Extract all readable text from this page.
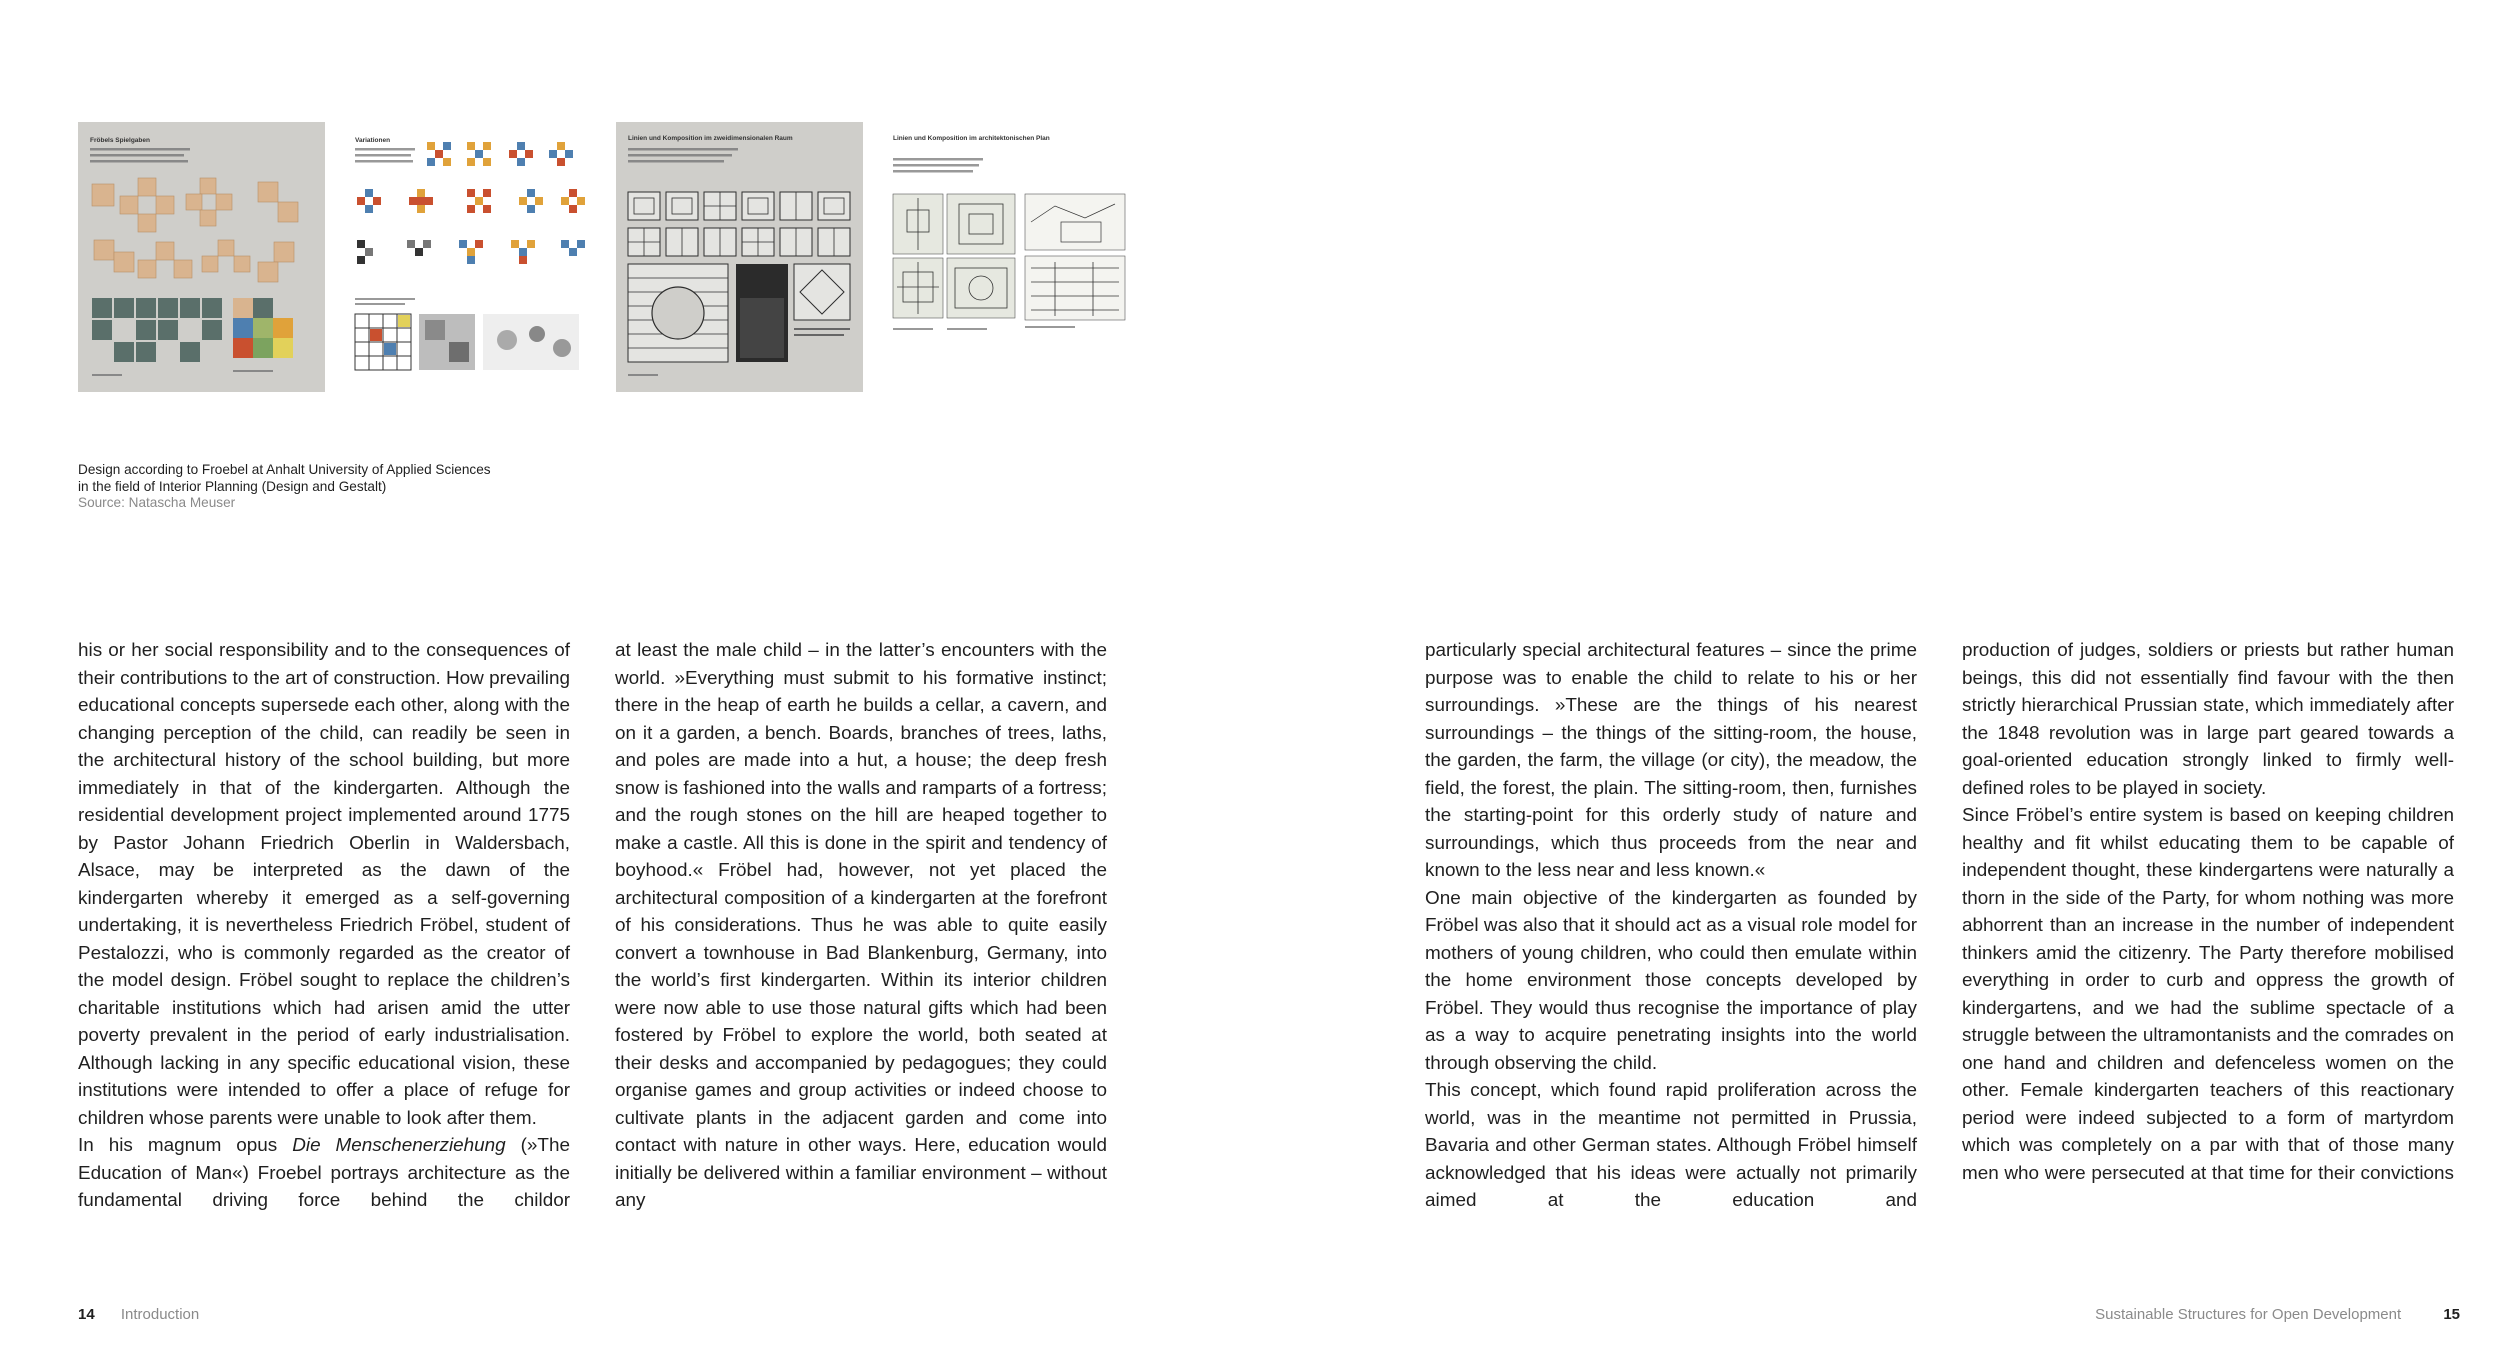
Fröbels Spielgaben	Variationen	Linien und Komposition im zweidimensionalen Raum	Linien und Komposition im architektonischen Plan
Design according to Froebel at Anhalt University of Applied Sciences
in the field of Interior Planning (Design and Gestalt)
Source: Natascha Meuser

his or her social responsibility and to the consequences of their contributions to the art of construction. How prevailing educational concepts supersede each other, along with the changing perception of the child, can readily be seen in the architectural history of the school building, but more immediately in that of the kindergarten. Although the residential development project implemented around 1775 by Pastor Johann Friedrich Oberlin in Waldersbach, Alsace, may be interpreted as the dawn of the kindergarten whereby it emerged as a self-governing undertaking, it is nevertheless Friedrich Fröbel, student of Pestalozzi, who is commonly regarded as the creator of the model design. Fröbel sought to replace the children’s charitable institutions which had arisen amid the utter poverty prevalent in the period of early industrialisation. Although lacking in any specific educational vision, these institutions were intended to offer a place of refuge for children whose parents were unable to look after them.

In his magnum opus Die Menschenerziehung (»The Education of Man«) Froebel portrays architecture as the fundamental driving force behind the childor

at least the male child – in the latter’s encounters with the world. »Everything must submit to his formative instinct; there in the heap of earth he builds a cellar, a cavern, and on it a garden, a bench. Boards, branches of trees, laths, and poles are made into a hut, a house; the deep fresh snow is fashioned into the walls and ramparts of a fortress; and the rough stones on the hill are heaped together to make a castle. All this is done in the spirit and tendency of boyhood.« Fröbel had, however, not yet placed the architectural composition of a kindergarten at the forefront of his considerations. Thus he was able to quite easily convert a townhouse in Bad Blankenburg, Germany, into the world’s first kindergarten. Within its interior children were now able to use those natural gifts which had been fostered by Fröbel to explore the world, both seated at their desks and accompanied by pedagogues; they could organise games and group activities or indeed choose to cultivate plants in the adjacent garden and come into contact with nature in other ways. Here, education would initially be delivered within a familiar environment – without any

particularly special architectural features – since the prime purpose was to enable the child to relate to his or her surroundings. »These are the things of his nearest surroundings – the things of the sitting-room, the house, the garden, the farm, the village (or city), the meadow, the field, the forest, the plain. The sitting-room, then, furnishes the starting-point for this orderly study of nature and surroundings, which thus proceeds from the near and known to the less near and less known.«

One main objective of the kindergarten as founded by Fröbel was also that it should act as a visual role model for mothers of young children, who could then emulate within the home environment those concepts developed by Fröbel. They would thus recognise the importance of play as a way to acquire penetrating insights into the world through observing the child.

This concept, which found rapid proliferation across the world, was in the meantime not permitted in Prussia, Bavaria and other German states. Although Fröbel himself acknowledged that his ideas were actually not primarily aimed at the education and

production of judges, soldiers or priests but rather human beings, this did not essentially find favour with the then strictly hierarchical Prussian state, which immediately after the 1848 revolution was in large part geared towards a goal-oriented education strongly linked to firmly well-defined roles to be played in society.

Since Fröbel’s entire system is based on keeping children healthy and fit whilst educating them to be capable of independent thought, these kindergartens were naturally a thorn in the side of the Party, for whom nothing was more abhorrent than an increase in the number of independent thinkers amid the citizenry. The Party therefore mobilised everything in order to curb and oppress the growth of kindergartens, and we had the sublime spectacle of a struggle between the ultramontanists and the comrades on one hand and children and defenceless women on the other. Female kindergarten teachers of this reactionary period were indeed subjected to a form of martyrdom which was completely on a par with that of those many men who were persecuted at that time for their convictions

14 Introduction	Sustainable Structures for Open Development	15
